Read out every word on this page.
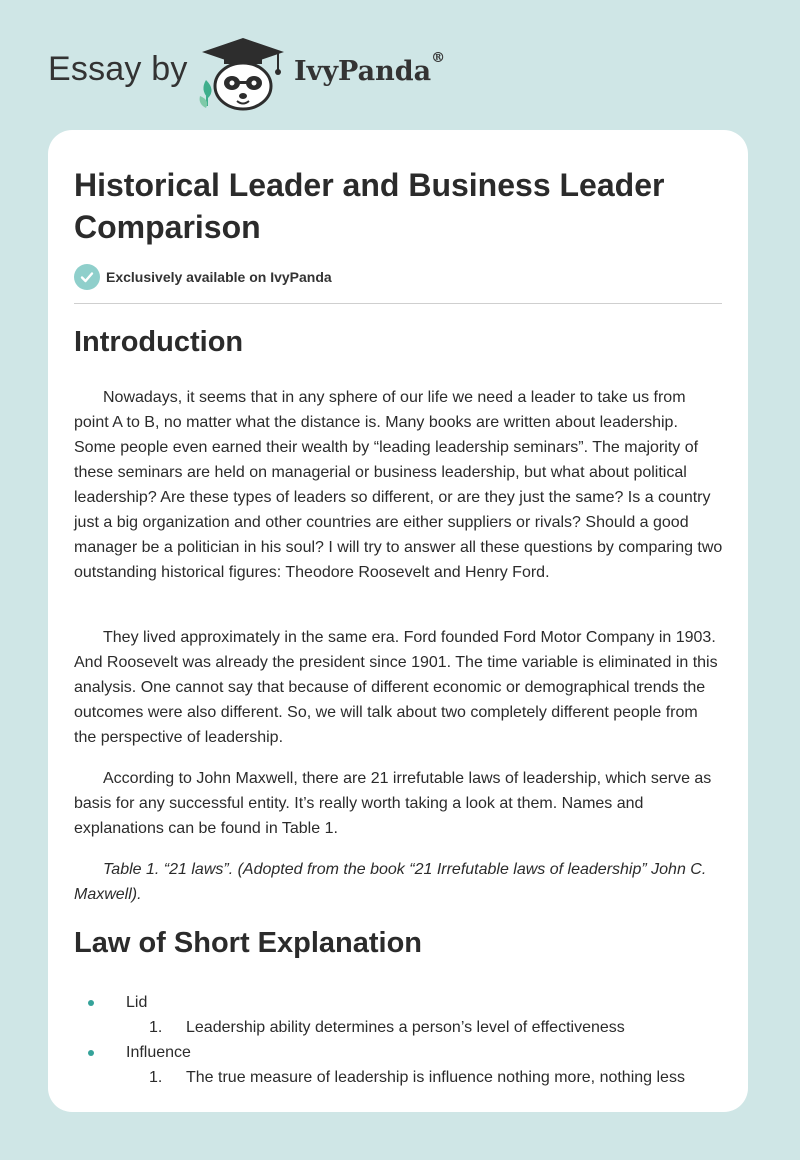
Essay by	IvyPanda®
Historical Leader and Business Leader Comparison
Exclusively available on IvyPanda
Introduction

Nowadays, it seems that in any sphere of our life we need a leader to take us from point A to B, no matter what the distance is. Many books are written about leadership. Some people even earned their wealth by “leading leadership seminars”. The majority of these seminars are held on managerial or business leadership, but what about political leadership? Are these types of leaders so different, or are they just the same? Is a country just a big organization and other countries are either suppliers or rivals? Should a good manager be a politician in his soul? I will try to answer all these questions by comparing two outstanding historical figures: Theodore Roosevelt and Henry Ford.

They lived approximately in the same era. Ford founded Ford Motor Company in 1903. And Roosevelt was already the president since 1901. The time variable is eliminated in this analysis. One cannot say that because of different economic or demographical trends the outcomes were also different. So, we will talk about two completely different people from the perspective of leadership.

According to John Maxwell, there are 21 irrefutable laws of leadership, which serve as basis for any successful entity. It’s really worth taking a look at them. Names and explanations can be found in Table 1.

Table 1. “21 laws”. (Adopted from the book “21 Irrefutable laws of leadership” John C. Maxwell).

Law of Short Explanation
Lid
1. Leadership ability determines a person’s level of effectiveness
Influence
1. The true measure of leadership is influence nothing more, nothing less
